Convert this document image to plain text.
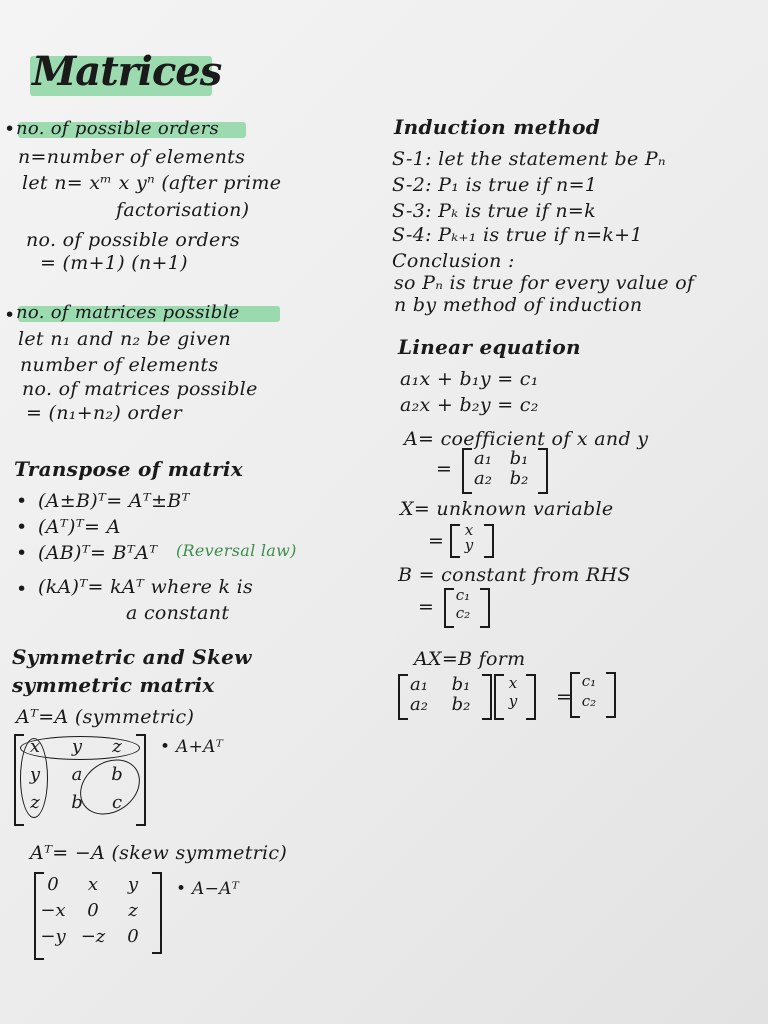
Matrices
• no. of possible orders
n=number of elements
let n= xᵐ x yⁿ (after prime
factorisation)
no. of possible orders
= (m+1) (n+1)
• no. of matrices possible
let n₁ and n₂ be given
number of elements
no. of matrices possible
= (n₁+n₂) order
Transpose of matrix
• (A±B)ᵀ= Aᵀ±Bᵀ
• (Aᵀ)ᵀ= A
• (AB)ᵀ= BᵀAᵀ (Reversal law)
• (kA)ᵀ= kAᵀ where k is
a constant
Symmetric and Skew
symmetric matrix
Aᵀ=A (symmetric)
x	y	z
y	a	b
z	b	c
• A+Aᵀ
Aᵀ= −A (skew symmetric)
0	x	y
−x	0	z
−y −z	0
• A−Aᵀ
Induction method
S-1: let the statement be Pₙ
S-2: P₁ is true if n=1
S-3: Pₖ is true if n=k
S-4: Pₖ₊₁ is true if n=k+1
Conclusion :
so Pₙ is true for every value of
n by method of induction
Linear equation
a₁x + b₁y = c₁
a₂x + b₂y = c₂
A= coefficient of x and y
= a₁ b₁
a₂ b₂
X= unknown variable
=	x
y
B = constant from RHS
=
c₁
c₂
AX=B form
a₁ b₁
a₂ b₂
x
y	=
c₁
c₂
